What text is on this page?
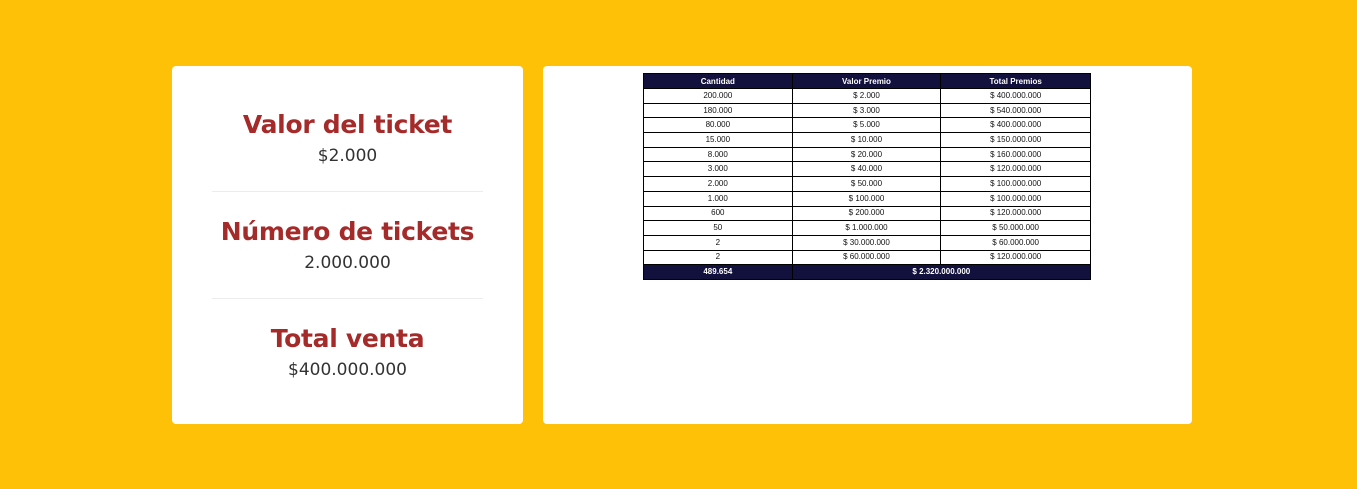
Valor del ticket
$2.000
Número de tickets
2.000.000
Total venta
$400.000.000
Cantidad	Valor Premio	Total Premios
200.000	$ 2.000	$ 400.000.000
180.000	$ 3.000	$ 540.000.000
80.000	$ 5.000	$ 400.000.000
15.000	$ 10.000	$ 150.000.000
8.000	$ 20.000	$ 160.000.000
3.000	$ 40.000	$ 120.000.000
2.000	$ 50.000	$ 100.000.000
1.000	$ 100.000	$ 100.000.000
600	$ 200.000	$ 120.000.000
50	$ 1.000.000	$ 50.000.000
2	$ 30.000.000	$ 60.000.000
2	$ 60.000.000	$ 120.000.000
489.654	$ 2.320.000.000	
